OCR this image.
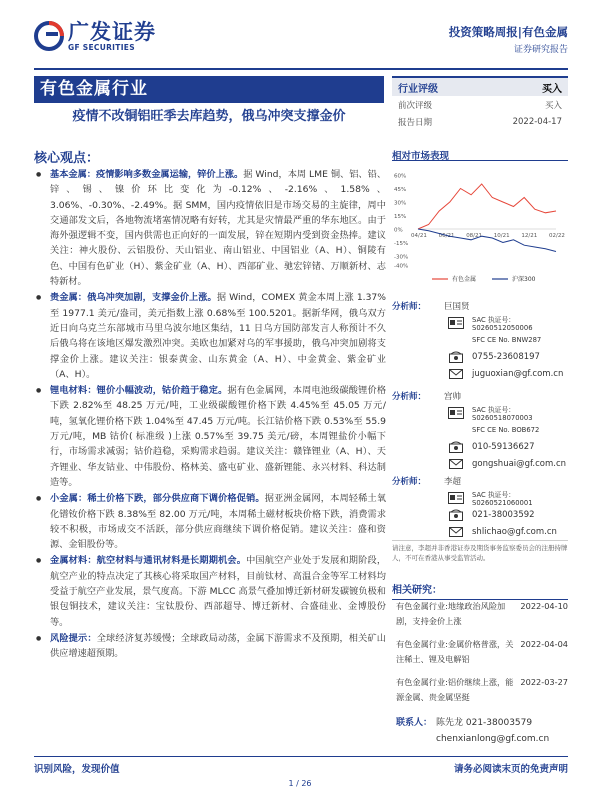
广发证券
GF SECURITIES
投资策略周报|有色金属
证券研究报告
有色金属行业
疫情不改铜铝旺季去库趋势，俄乌冲突支撑金价
行业评级	买入
前次评级	买入
报告日期	2022-04-17
核心观点：
● 基本金属：疫情影响多数金属运输，锌价上涨。据 Wind，本周 LME 铜、铝、铅、锌、锡、镍价环比变化为-0.12%、-2.16%、1.58%、3.06%、-0.30%、-2.49%。据 SMM，国内疫情依旧是市场交易的主旋律，周中交通部发文后，各地物流堵塞情况略有好转，尤其是灾情最严重的华东地区。由于海外强逻辑不变，国内供需也正向好的一面发展，锌在短期内受到资金热捧。建议关注：神火股份、云铝股份、天山铝业、南山铝业、中国铝业（A、H）、铜陵有色、中国有色矿业（H）、紫金矿业（A、H）、西部矿业、驰宏锌锗、万顺新材、志特新材。
● 贵金属：俄乌冲突加剧，支撑金价上涨。据 Wind，COMEX 黄金本周上涨 1.37%至 1977.1 美元/盎司，美元指数上涨 0.68%至 100.5201。据新华网，俄乌双方近日向乌克兰东部城市马里乌波尔地区集结，11 日乌方国防部发言人称预计不久后俄乌将在该地区爆发激烈冲突。美欧也加紧对乌的军事援助，俄乌冲突加剧将支撑金价上涨。建议关注：银泰黄金、山东黄金（A、H）、中金黄金、紫金矿业（A、H）。
● 锂电材料：锂价小幅波动，钴价趋于稳定。据有色金属网，本周电池级碳酸锂价格下跌 2.82%至 48.25 万元/吨，工业级碳酸锂价格下跌 4.45%至 45.05 万元/吨，氢氧化锂价格下跌 1.04%至 47.45 万元/吨。长江钴价格下跌 0.53%至 55.9 万元/吨，MB 钴价( 标准级 )上涨 0.57%至 39.75 美元/磅，本周锂盐价小幅下行，市场需求减弱；钴价趋稳，采购需求趋弱。建议关注：赣锋锂业（A、H）、天齐锂业、华友钴业、中伟股份、格林美、盛屯矿业、盛新锂能、永兴材料、科达制造等。
● 小金属：稀土价格下跌，部分供应商下调价格促销。据亚洲金属网，本周轻稀土氧化镨钕价格下跌 8.38%至 82.00 万元/吨，本周稀土磁材板块价格下跌，消费需求较不积极，市场成交不活跃，部分供应商继续下调价格促销。建议关注：盛和资源、金钼股份等。
● 金属材料：航空材料与通讯材料是长期期机会。中国航空产业处于发展和期阶段，航空产业的特点决定了其核心将采取国产材料，目前钛材、高温合金等军工材料均受益于航空产业发展，景气度高。下游 MLCC 高景气叠加博迁新材研发碳镀负极和银包铜技术，建议关注：宝钛股份、西部超导、博迁新材、合盛硅业、金博股份等。
● 风险提示：全球经济复苏缓慢；全球政局动荡，金属下游需求不及预期，相关矿山供应增速超预期。
相对市场表现
60%
45%
30%
15%
0%
-15%
-30%
-40%
04/21 06/21 08/21 10/21 12/21 02/22
有色金属	沪深300
分析师：	巨国贤
SAC 执证号：S0260512050006
SFC CE No. BNW287
0755-23608197
juguoxian@gf.com.cn
分析师：	宫帅
SAC 执证号：S0260518070003
SFC CE No. BOB672
010-59136627
gongshuai@gf.com.cn
分析师：	李超
SAC 执证号：S0260521060001
021-38003592
shlichao@gf.com.cn
请注意，李超并非香港证券及期货事务监察委员会的注册持牌人，不可在香港从事受监管活动。
相关研究：
有色金属行业:地缘政治风险加剧，支持金价上涨
2022-04-10
有色金属行业:金属价格普涨，关注稀土、锂及电解铝
2022-04-04
有色金属行业:铝价继续上涨，能源金属、贵金属坚挺
2022-03-27
联系人： 陈先龙 021-38003579
chenxianlong@gf.com.cn
识别风险，发现价值	请务必阅读末页的免责声明
1 / 26
